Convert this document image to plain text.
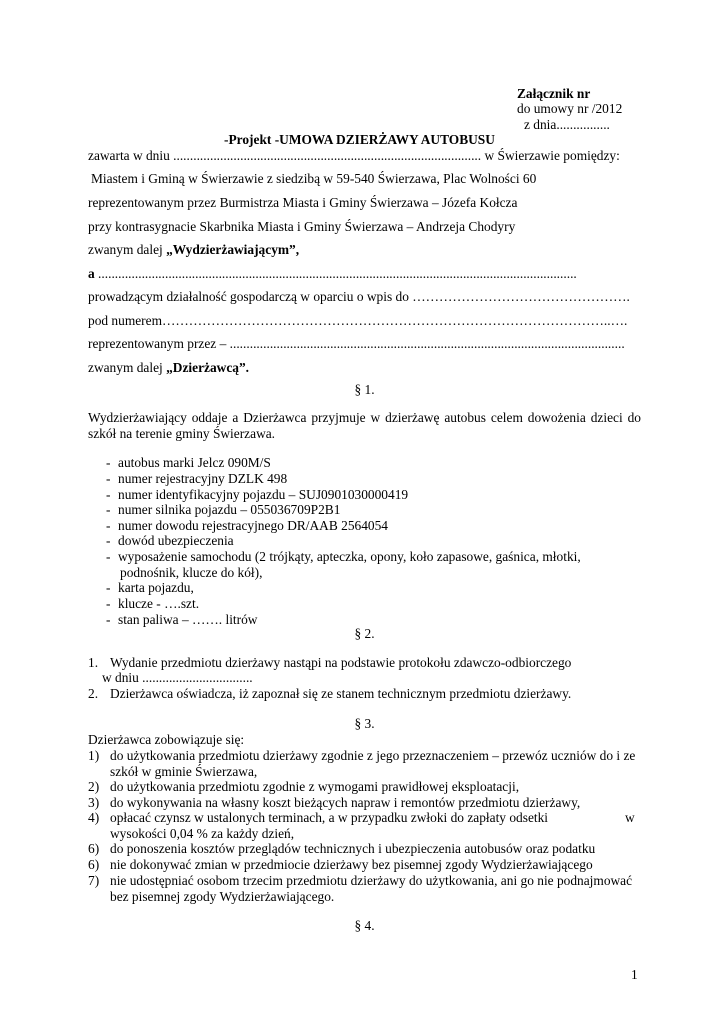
Załącznik nr
do umowy nr /2012
z dnia................
-Projekt -UMOWA DZIERŻAWY AUTOBUSU
zawarta w dniu ............................................................................................ w Świerzawie pomiędzy:
Miastem i Gminą w Świerzawie z siedzibą w 59-540 Świerzawa, Plac Wolności 60
reprezentowanym przez Burmistrza Miasta i Gminy Świerzawa – Józefa Kołcza
przy kontrasygnacie Skarbnika Miasta i Gminy Świerzawa – Andrzeja Chodyry
zwanym dalej „Wydzierżawiającym”,
a ...............................................................................................................................................
prowadzącym działalność gospodarczą w oparciu o wpis do ………………………………………….
pod numerem………………………………………………………………………………………..….
reprezentowanym przez – ......................................................................................................................
zwanym dalej „Dzierżawcą”.
§ 1.
Wydzierżawiający oddaje a Dzierżawca przyjmuje w dzierżawę autobus celem dowożenia dzieci do szkół na terenie gminy Świerzawa.
- autobus marki Jelcz 090M/S
- numer rejestracyjny DZLK 498
- numer identyfikacyjny pojazdu – SUJ0901030000419
- numer silnika pojazdu – 055036709P2B1
- numer dowodu rejestracyjnego DR/AAB 2564054
- dowód ubezpieczenia
- wyposażenie samochodu (2 trójkąty, apteczka, opony, koło zapasowe, gaśnica, młotki,
podnośnik, klucze do kół),
- karta pojazdu,
- klucze - ….szt.
- stan paliwa – ……. litrów
§ 2.
1. Wydanie przedmiotu dzierżawy nastąpi na podstawie protokołu zdawczo-odbiorczego
w dniu .................................
2. Dzierżawca oświadcza, iż zapoznał się ze stanem technicznym przedmiotu dzierżawy.
§ 3.
Dzierżawca zobowiązuje się:
1) do użytkowania przedmiotu dzierżawy zgodnie z jego przeznaczeniem – przewóz uczniów do i ze
szkół w gminie Świerzawa,
2) do użytkowania przedmiotu zgodnie z wymogami prawidłowej eksploatacji,
3) do wykonywania na własny koszt bieżących napraw i remontów przedmiotu dzierżawy,
4) opłacać czynsz w ustalonych terminach, a w przypadku zwłoki do zapłaty odsetki	w
wysokości 0,04 % za każdy dzień,
6) do ponoszenia kosztów przeglądów technicznych i ubezpieczenia autobusów oraz podatku
6) nie dokonywać zmian w przedmiocie dzierżawy bez pisemnej zgody Wydzierżawiającego
7) nie udostępniać osobom trzecim przedmiotu dzierżawy do użytkowania, ani go nie podnajmować
bez pisemnej zgody Wydzierżawiającego.
§ 4.
1
